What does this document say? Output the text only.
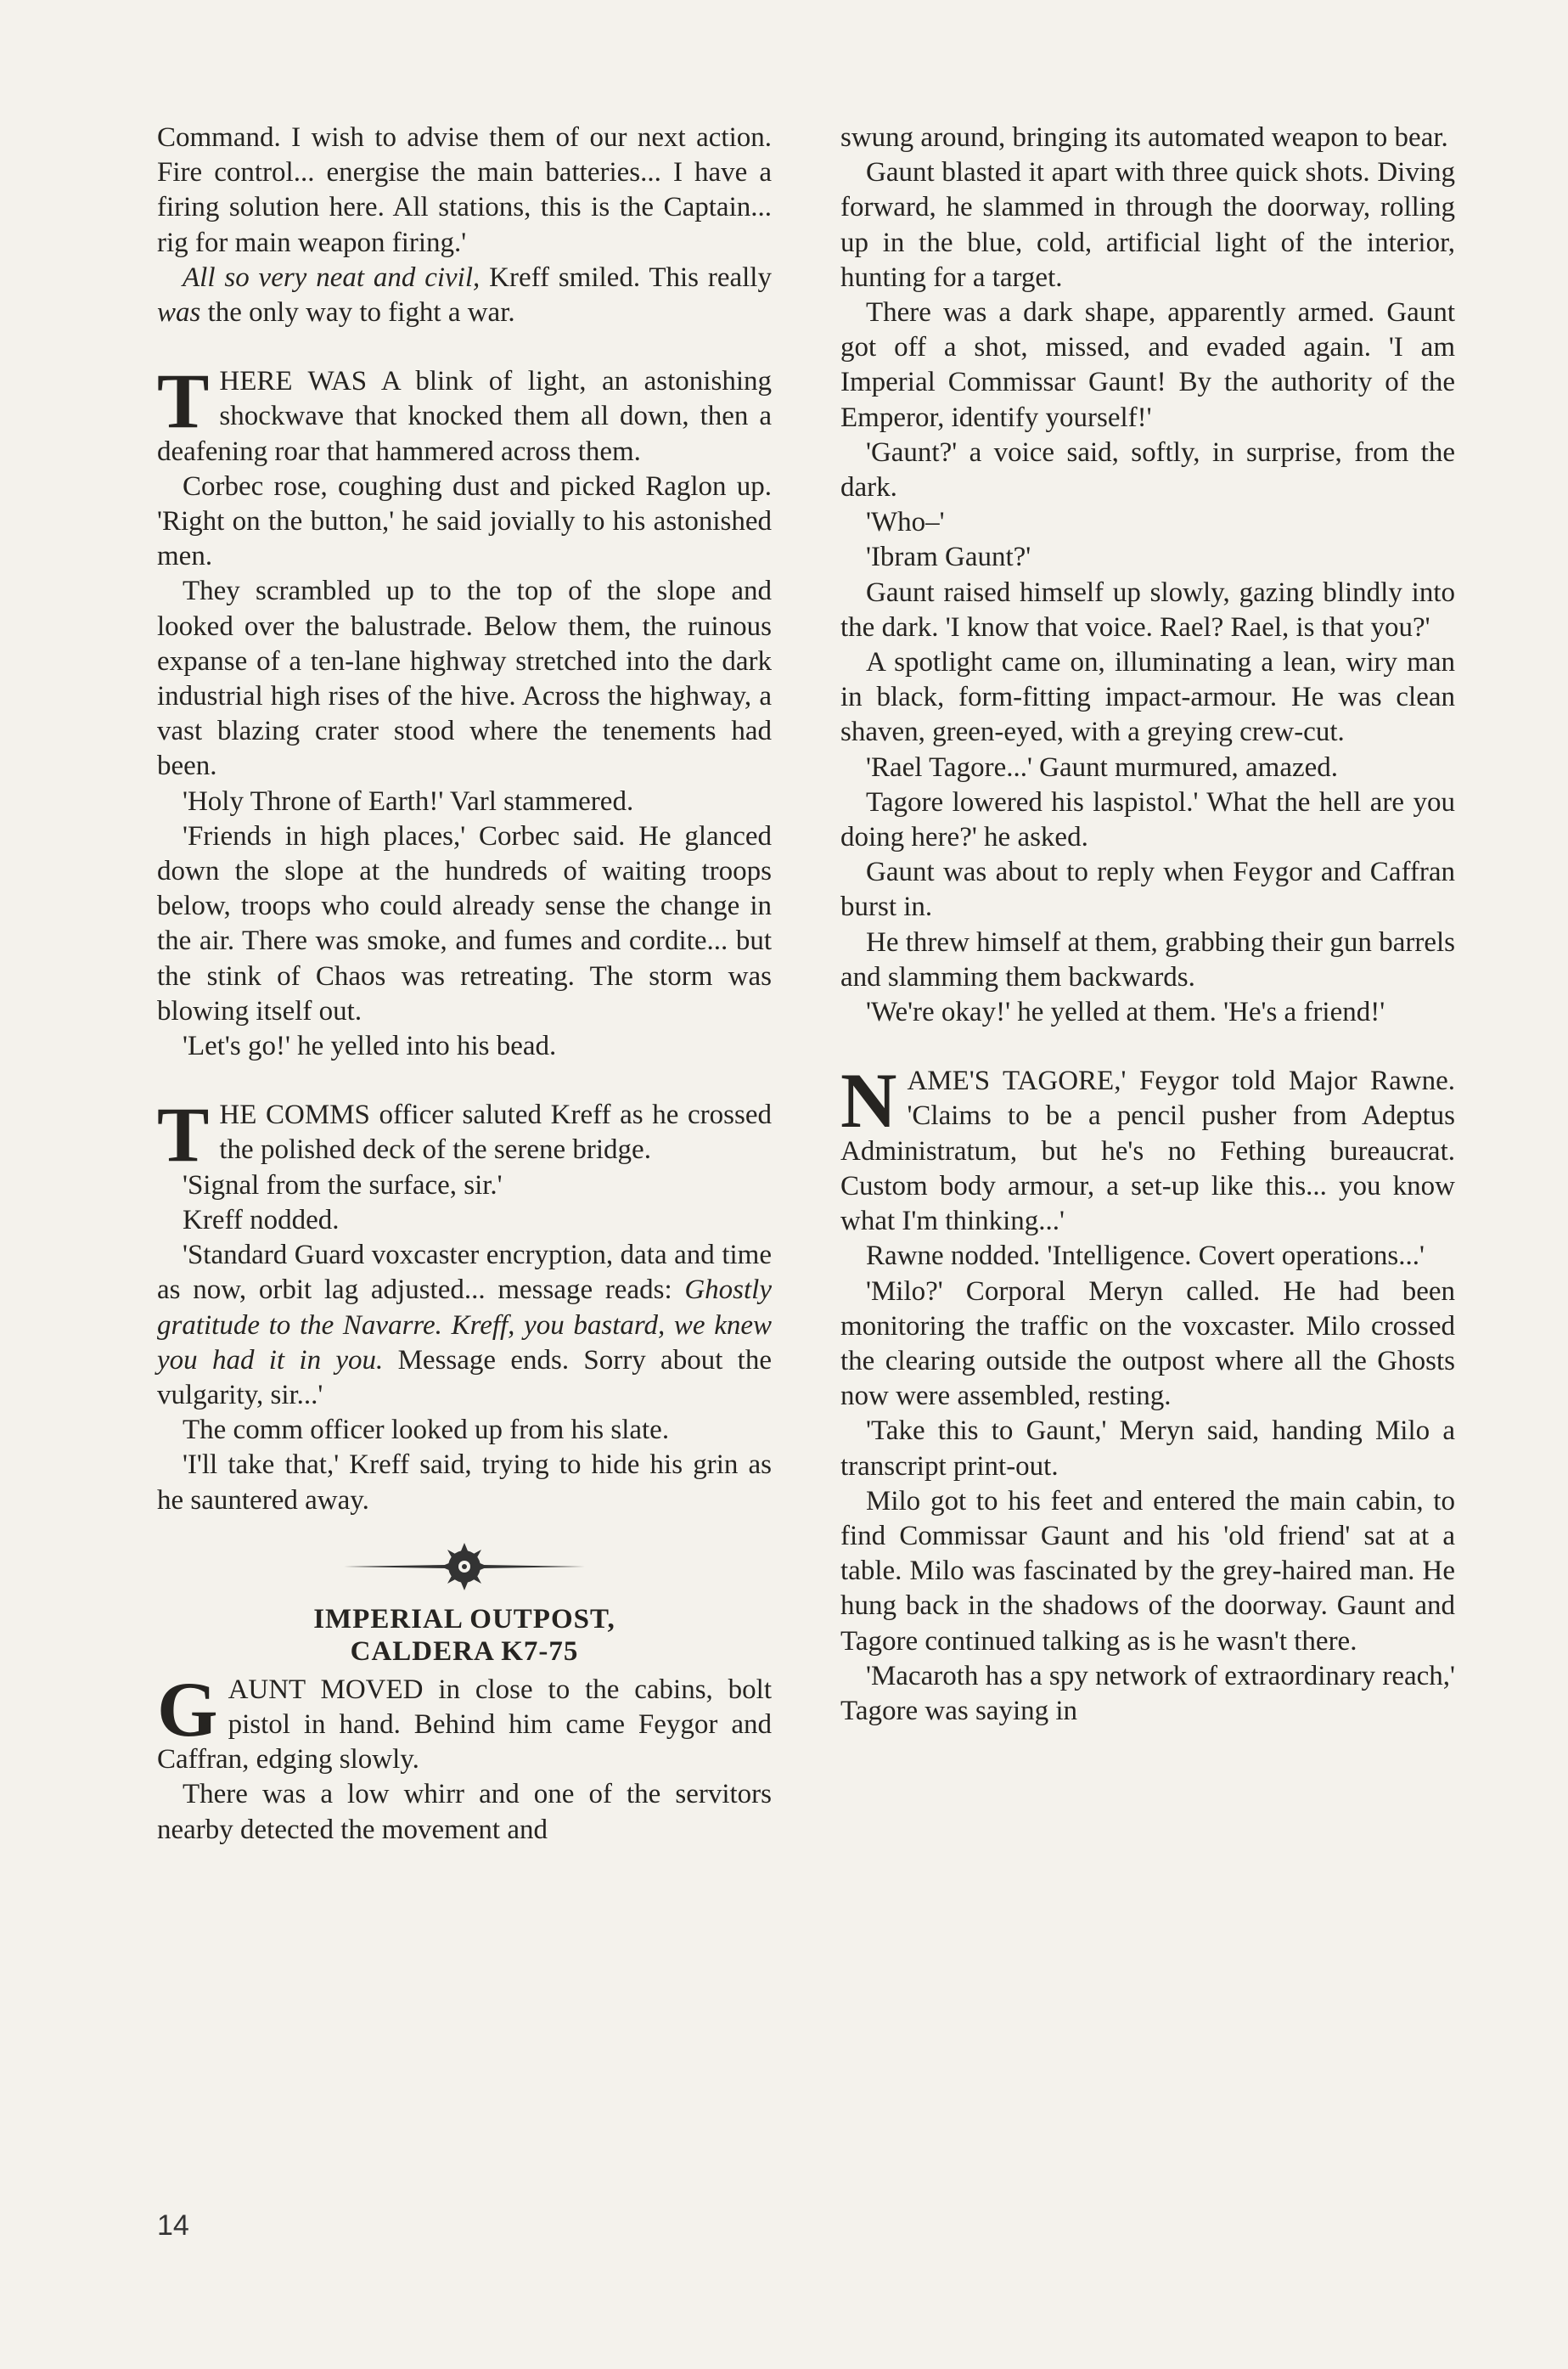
Command. I wish to advise them of our next action. Fire control... energise the main batteries... I have a firing solution here. All stations, this is the Captain... rig for main weapon firing.'

All so very neat and civil, Kreff smiled. This really was the only way to fight a war.

THERE WAS A blink of light, an astonishing shockwave that knocked them all down, then a deafening roar that hammered across them.

Corbec rose, coughing dust and picked Raglon up. 'Right on the button,' he said jovially to his astonished men.

They scrambled up to the top of the slope and looked over the balustrade. Below them, the ruinous expanse of a ten-lane highway stretched into the dark industrial high rises of the hive. Across the highway, a vast blazing crater stood where the tenements had been.

'Holy Throne of Earth!' Varl stammered.

'Friends in high places,' Corbec said. He glanced down the slope at the hundreds of waiting troops below, troops who could already sense the change in the air. There was smoke, and fumes and cordite... but the stink of Chaos was retreating. The storm was blowing itself out.

'Let's go!' he yelled into his bead.

THE COMMS officer saluted Kreff as he crossed the polished deck of the serene bridge.

'Signal from the surface, sir.'

Kreff nodded.

'Standard Guard voxcaster encryption, data and time as now, orbit lag adjusted... message reads: Ghostly gratitude to the Navarre. Kreff, you bastard, we knew you had it in you. Message ends. Sorry about the vulgarity, sir...'

The comm officer looked up from his slate.

'I'll take that,' Kreff said, trying to hide his grin as he sauntered away.

IMPERIAL OUTPOST,
CALDERA K7-75

GAUNT MOVED in close to the cabins, bolt pistol in hand. Behind him came Feygor and Caffran, edging slowly.

There was a low whirr and one of the servitors nearby detected the movement and

swung around, bringing its automated weapon to bear.

Gaunt blasted it apart with three quick shots. Diving forward, he slammed in through the doorway, rolling up in the blue, cold, artificial light of the interior, hunting for a target.

There was a dark shape, apparently armed. Gaunt got off a shot, missed, and evaded again. 'I am Imperial Commissar Gaunt! By the authority of the Emperor, identify yourself!'

'Gaunt?' a voice said, softly, in surprise, from the dark.

'Who–'

'Ibram Gaunt?'

Gaunt raised himself up slowly, gazing blindly into the dark. 'I know that voice. Rael? Rael, is that you?'

A spotlight came on, illuminating a lean, wiry man in black, form-fitting impact-armour. He was clean shaven, green-eyed, with a greying crew-cut.

'Rael Tagore...' Gaunt murmured, amazed.

Tagore lowered his laspistol.' What the hell are you doing here?' he asked.

Gaunt was about to reply when Feygor and Caffran burst in.

He threw himself at them, grabbing their gun barrels and slamming them backwards.

'We're okay!' he yelled at them. 'He's a friend!'

NAME'S TAGORE,' Feygor told Major Rawne. 'Claims to be a pencil pusher from Adeptus Administratum, but he's no Fething bureaucrat. Custom body armour, a set-up like this... you know what I'm thinking...'

Rawne nodded. 'Intelligence. Covert operations...'

'Milo?' Corporal Meryn called. He had been monitoring the traffic on the voxcaster. Milo crossed the clearing outside the outpost where all the Ghosts now were assembled, resting.

'Take this to Gaunt,' Meryn said, handing Milo a transcript print-out.

Milo got to his feet and entered the main cabin, to find Commissar Gaunt and his 'old friend' sat at a table. Milo was fascinated by the grey-haired man. He hung back in the shadows of the doorway. Gaunt and Tagore continued talking as is he wasn't there.

'Macaroth has a spy network of extraordinary reach,' Tagore was saying in

14
